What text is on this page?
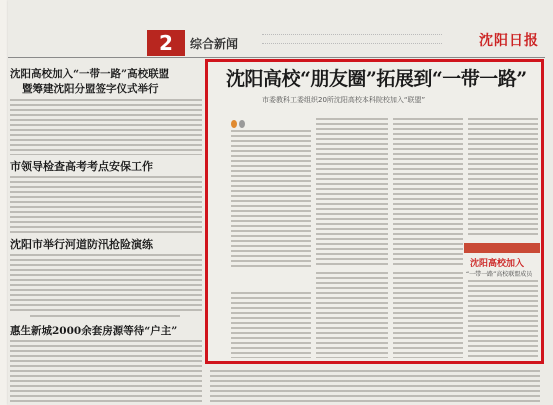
2	综合新闻	沈阳日报
沈阳高校加入“一带一路”高校联盟
暨筹建沈阳分盟签字仪式举行
市领导检查高考考点安保工作
沈阳市举行河道防汛抢险演练
惠生新城2000余套房源等待“户主”
沈阳高校“朋友圈”拓展到“一带一路”
市委教科工委组织20所沈阳高校本科院校加入“联盟”
沈阳高校加入
“一带一路”高校联盟成员
